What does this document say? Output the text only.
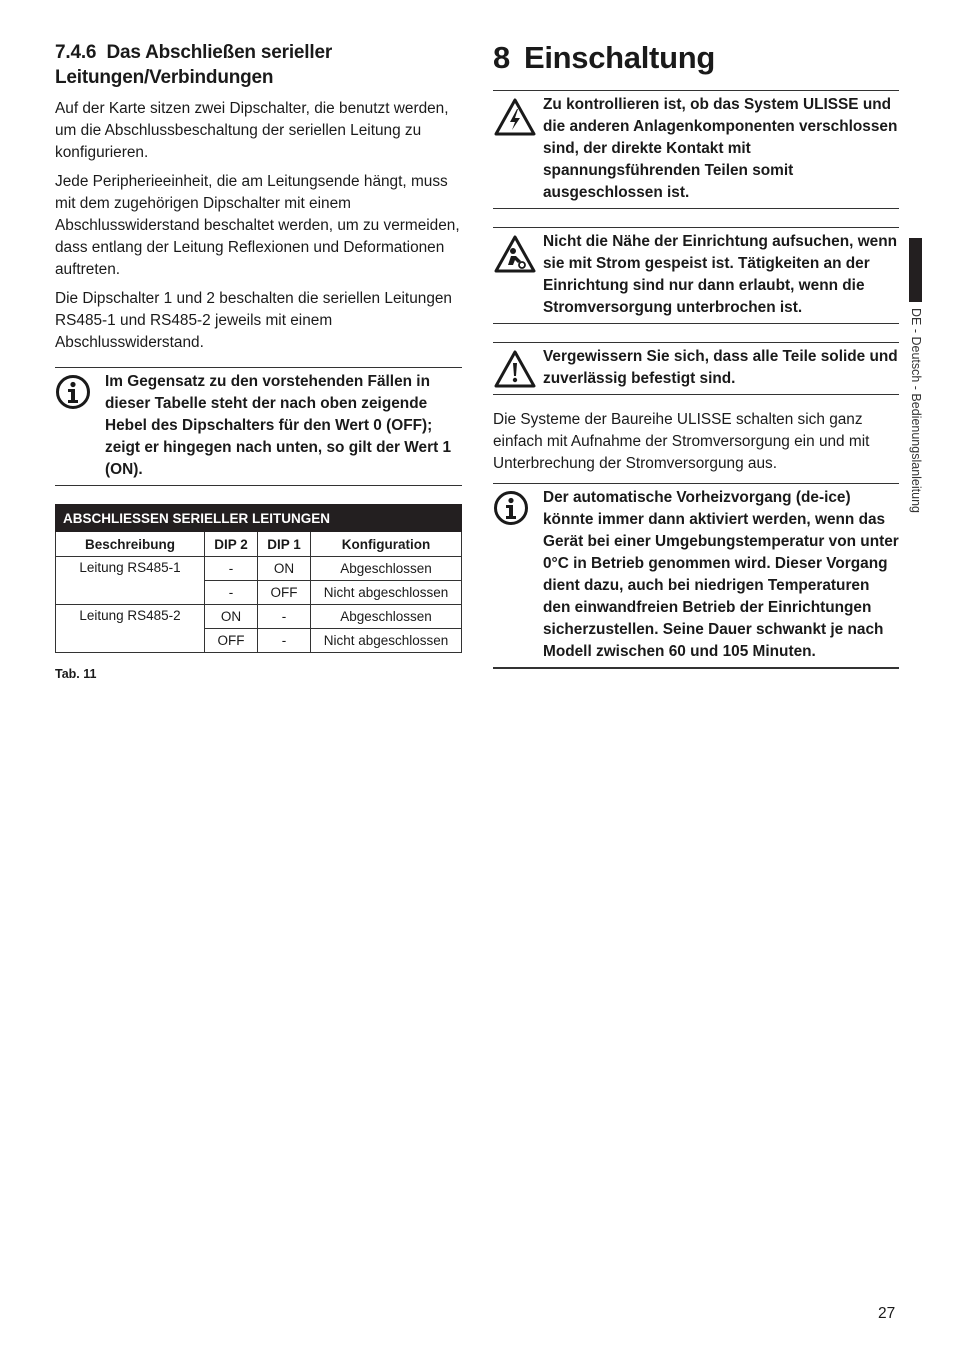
7.4.6 Das Abschließen serieller Leitungen/Verbindungen

Auf der Karte sitzen zwei Dipschalter, die benutzt werden, um die Abschlussbeschaltung der seriellen Leitung zu konfigurieren.

Jede Peripherieeinheit, die am Leitungsende hängt, muss mit dem zugehörigen Dipschalter mit einem Abschlusswiderstand beschaltet werden, um zu vermeiden, dass entlang der Leitung Reflexionen und Deformationen auftreten.

Die Dipschalter 1 und 2 beschalten die seriellen Leitungen RS485-1 und RS485-2 jeweils mit einem Abschlusswiderstand.

Im Gegensatz zu den vorstehenden Fällen in dieser Tabelle steht der nach oben zeigende Hebel des Dipschalters für den Wert 0 (OFF); zeigt er hingegen nach unten, so gilt der Wert 1 (ON).
ABSCHLIESSEN SERIELLER LEITUNGEN			
Beschreibung	DIP 2	DIP 1	Konfiguration
Leitung RS485-1	-	ON	Abgeschlossen
	-	OFF	Nicht abgeschlossen
Leitung RS485-2	ON	-	Abgeschlossen
	OFF	-	Nicht abgeschlossen
Tab. 11
8 Einschaltung
Zu kontrollieren ist, ob das System ULISSE und die anderen Anlagenkomponenten verschlossen sind, der direkte Kontakt mit spannungsführenden Teilen somit ausgeschlossen ist.
Nicht die Nähe der Einrichtung aufsuchen, wenn sie mit Strom gespeist ist. Tätigkeiten an der Einrichtung sind nur dann erlaubt, wenn die Stromversorgung unterbrochen ist.
Vergewissern Sie sich, dass alle Teile solide und zuverlässig befestigt sind.

Die Systeme der Baureihe ULISSE schalten sich ganz einfach mit Aufnahme der Stromversorgung ein und mit Unterbrechung der Stromversorgung aus.

Der automatische Vorheizvorgang (de-ice) könnte immer dann aktiviert werden, wenn das Gerät bei einer Umgebungstemperatur von unter 0°C in Betrieb genommen wird. Dieser Vorgang dient dazu, auch bei niedrigen Temperaturen den einwandfreien Betrieb der Einrichtungen sicherzustellen. Seine Dauer schwankt je nach Modell zwischen 60 und 105 Minuten.
DE - Deutsch - Bedienungslanleitung
27
